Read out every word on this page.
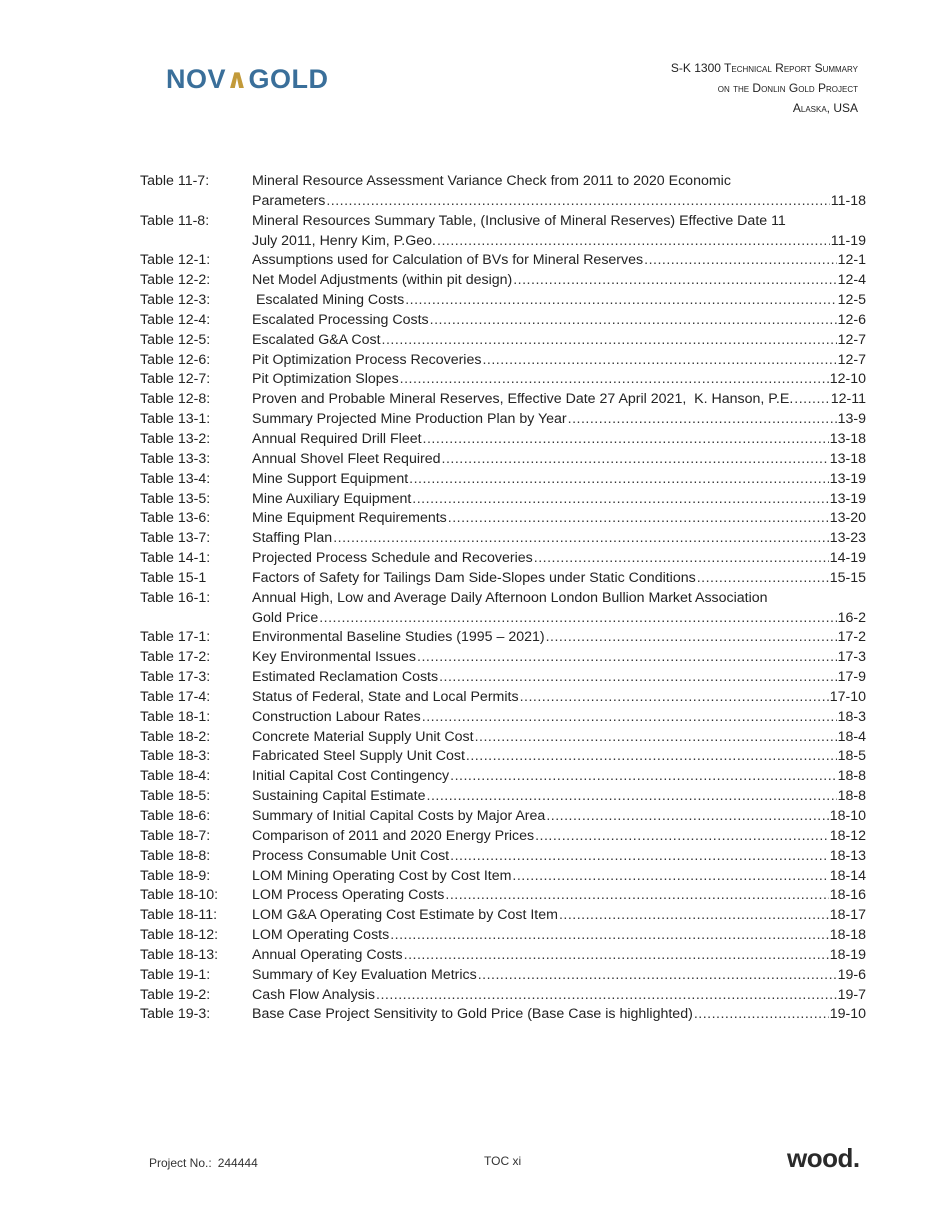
NOV∧GOLD	S-K 1300 Technical Report Summary
on the Donlin Gold Project
Alaska, USA
Table 11-7:	Mineral Resource Assessment Variance Check from 2011 to 2020 Economic
Parameters .....	11-18
Table 11-8:	Mineral Resources Summary Table, (Inclusive of Mineral Reserves) Effective Date 11
July 2011, Henry Kim, P.Geo. .....	11-19
Table 12-1:	Assumptions used for Calculation of BVs for Mineral Reserves .....	12-1
Table 12-2:	Net Model Adjustments (within pit design) .....	12-4
Table 12-3:	Escalated Mining Costs .....	12-5
Table 12-4:	Escalated Processing Costs .....	12-6
Table 12-5:	Escalated G&A Cost .....	12-7
Table 12-6:	Pit Optimization Process Recoveries .....	12-7
Table 12-7:	Pit Optimization Slopes .....	12-10
Table 12-8:	Proven and Probable Mineral Reserves, Effective Date 27 April 2021,  K. Hanson, P.E. .....	12-11
Table 13-1:	Summary Projected Mine Production Plan by Year .....	13-9
Table 13-2:	Annual Required Drill Fleet .....	13-18
Table 13-3:	Annual Shovel Fleet Required .....	13-18
Table 13-4:	Mine Support Equipment .....	13-19
Table 13-5:	Mine Auxiliary Equipment .....	13-19
Table 13-6:	Mine Equipment Requirements .....	13-20
Table 13-7:	Staffing Plan .....	13-23
Table 14-1:	Projected Process Schedule and Recoveries .....	14-19
Table 15-1	Factors of Safety for Tailings Dam Side-Slopes under Static Conditions .....	15-15
Table 16-1:	Annual High, Low and Average Daily Afternoon London Bullion Market Association
Gold Price .....	16-2
Table 17-1:	Environmental Baseline Studies (1995 – 2021) .....	17-2
Table 17-2:	Key Environmental Issues .....	17-3
Table 17-3:	Estimated Reclamation Costs .....	17-9
Table 17-4:	Status of Federal, State and Local Permits .....	17-10
Table 18-1:	Construction Labour Rates .....	18-3
Table 18-2:	Concrete Material Supply Unit Cost .....	18-4
Table 18-3:	Fabricated Steel Supply Unit Cost .....	18-5
Table 18-4:	Initial Capital Cost Contingency .....	18-8
Table 18-5:	Sustaining Capital Estimate .....	18-8
Table 18-6:	Summary of Initial Capital Costs by Major Area .....	18-10
Table 18-7:	Comparison of 2011 and 2020 Energy Prices .....	18-12
Table 18-8:	Process Consumable Unit Cost .....	18-13
Table 18-9:	LOM Mining Operating Cost by Cost Item .....	18-14
Table 18-10: LOM Process Operating Costs .....	18-16
Table 18-11: LOM G&A Operating Cost Estimate by Cost Item .....	18-17
Table 18-12: LOM Operating Costs .....	18-18
Table 18-13: Annual Operating Costs .....	18-19
Table 19-1:	Summary of Key Evaluation Metrics .....	19-6
Table 19-2:	Cash Flow Analysis .....	19-7
Table 19-3:	Base Case Project Sensitivity to Gold Price (Base Case is highlighted) .....	19-10
Project No.: 244444	TOC xi	wood.
